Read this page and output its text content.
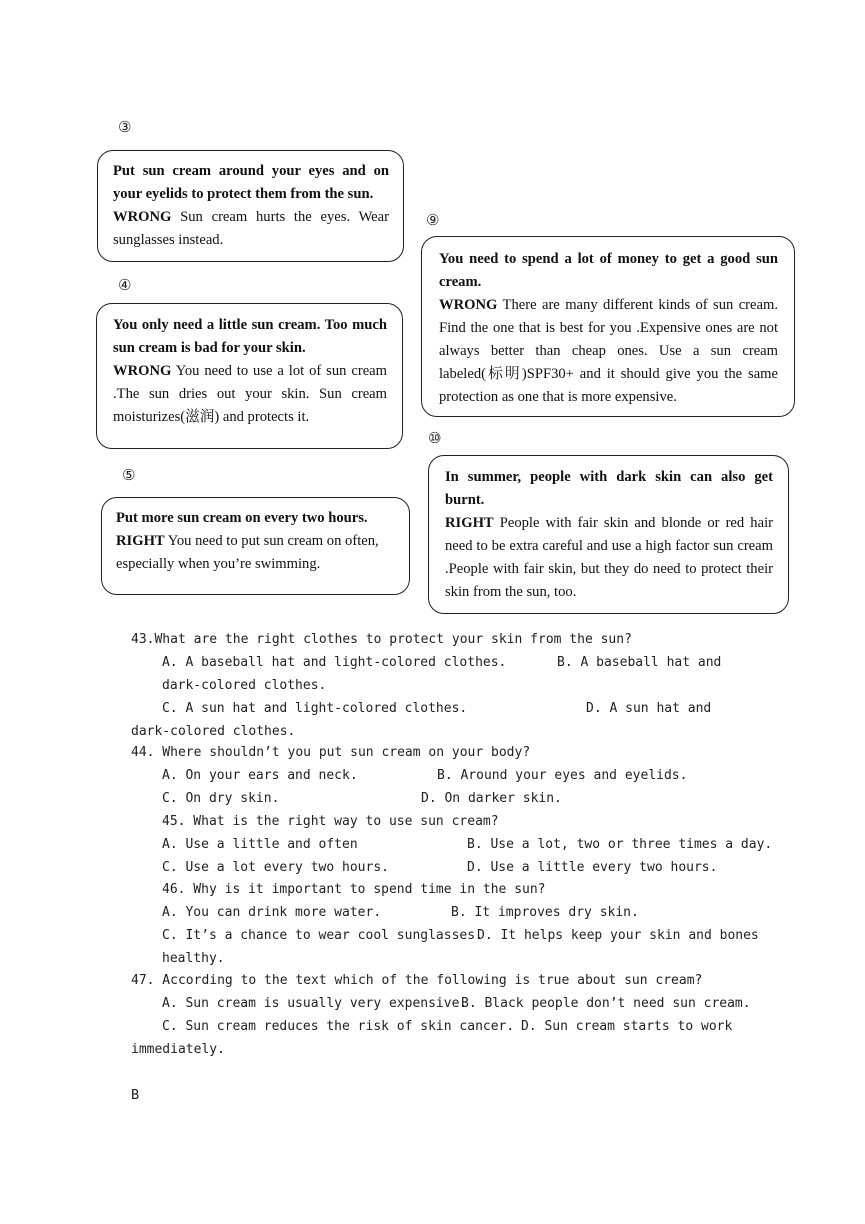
③

Put sun cream around your eyes and on your eyelids to protect them from the sun.

WRONG Sun cream hurts the eyes. Wear sunglasses instead.

④

You only need a little sun cream. Too much sun cream is bad for your skin.

WRONG You need to use a lot of sun cream .The sun dries out your skin. Sun cream moisturizes(滋润) and protects it.

⑤

Put more sun cream on every two hours.

RIGHT You need to put sun cream on often, especially when you’re swimming.

⑨

You need to spend a lot of money to get a good sun cream.

WRONG There are many different kinds of sun cream. Find the one that is best for you .Expensive ones are not always better than cheap ones. Use a sun cream labeled(标明)SPF30+ and it should give you the same protection as one that is more expensive.

⑩

In summer, people with dark skin can also get burnt.

RIGHT People with fair skin and blonde or red hair need to be extra careful and use a high factor sun cream .People with fair skin, but they do need to protect their skin from the sun, too.

43.What are the right clothes to protect your skin from the sun?

A. A baseball hat and light-colored clothes.

	B. A baseball hat and

dark-colored clothes.

C. A sun hat and light-colored clothes.

	D. A sun hat and

dark-colored clothes.

44. Where shouldn’t you put sun cream on your body?

A. On your ears and neck.

	B. Around your eyes and eyelids.

C. On dry skin.

	D. On darker skin.

45. What is the right way to use sun cream?

A. Use a little and often

	B. Use a lot, two or three times a day.

C. Use a lot every two hours.

	D. Use a little every two hours.

46. Why is it important to spend time in the sun?

A. You can drink more water.

	B. It improves dry skin.

C. It’s a chance to wear cool sunglasses.

D. It helps keep your skin and bones

healthy.

47. According to the text which of the following is true about sun cream?

A. Sun cream is usually very expensive.

B. Black people don’t need sun cream.

C. Sun cream reduces the risk of skin cancer.

D. Sun cream starts to work

immediately.

B
